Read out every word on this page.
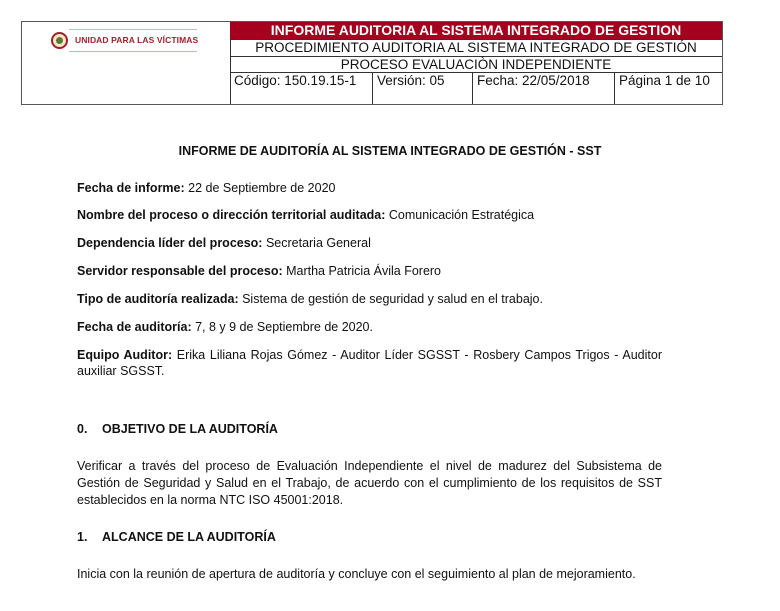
UNIDAD PARA LAS VÍCTIMAS
INFORME AUDITORIA AL SISTEMA INTEGRADO DE GESTION
PROCEDIMIENTO AUDITORIA AL SISTEMA INTEGRADO DE GESTIÓN
PROCESO EVALUACIÒN INDEPENDIENTE
Código: 150.19.15-1	Versión: 05	Fecha: 22/05/2018	Página 1 de 10
INFORME DE AUDITORÍA AL SISTEMA INTEGRADO DE GESTIÓN - SST
Fecha de informe: 22 de Septiembre de 2020
Nombre del proceso o dirección territorial auditada: Comunicación Estratégica
Dependencia líder del proceso: Secretaria General
Servidor responsable del proceso: Martha Patricia Ávila Forero
Tipo de auditoría realizada: Sistema de gestión de seguridad y salud en el trabajo.
Fecha de auditoría: 7, 8 y 9 de Septiembre de 2020.
Equipo Auditor: Erika Liliana Rojas Gómez - Auditor Líder SGSST - Rosbery Campos Trigos - Auditor auxiliar SGSST.
0. OBJETIVO DE LA AUDITORÍA
Verificar a través del proceso de Evaluación Independiente el nivel de madurez del Subsistema de Gestión de Seguridad y Salud en el Trabajo, de acuerdo con el cumplimiento de los requisitos de SST establecidos en la norma NTC ISO 45001:2018.
1. ALCANCE DE LA AUDITORÍA
Inicia con la reunión de apertura de auditoría y concluye con el seguimiento al plan de mejoramiento.
